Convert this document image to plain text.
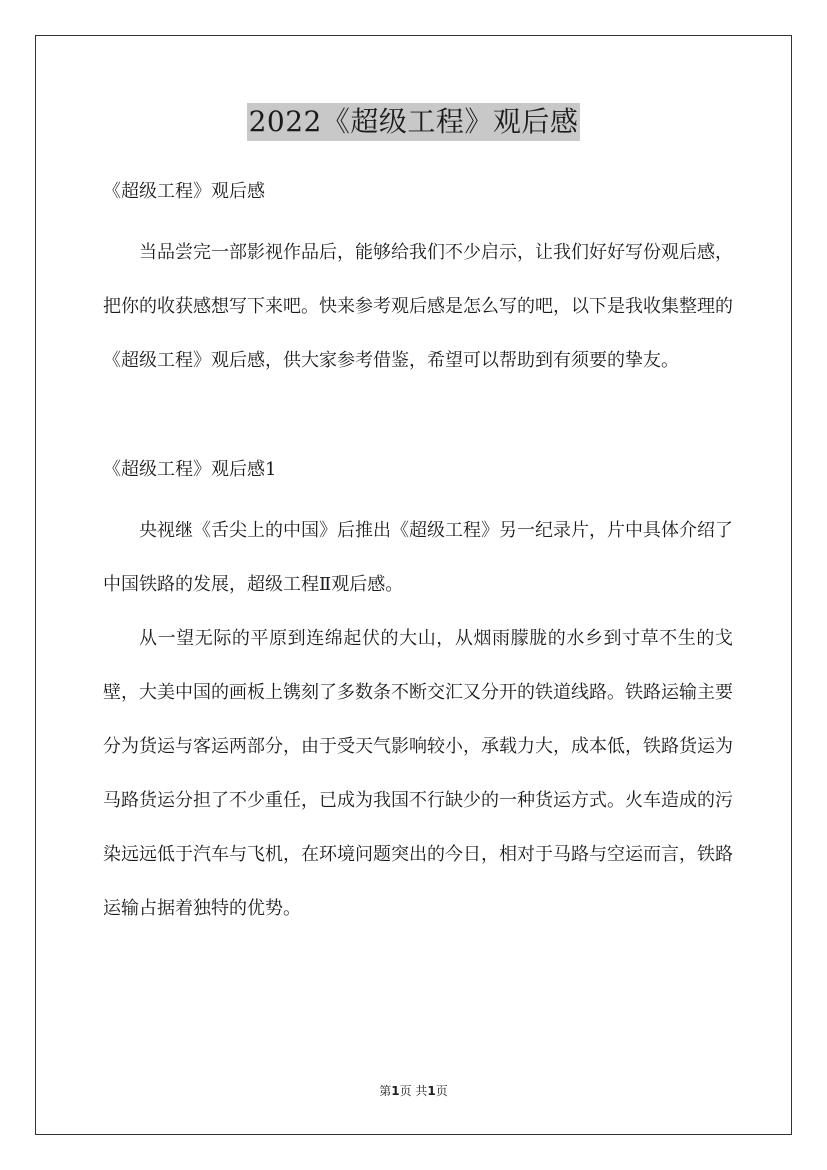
2022《超级工程》观后感

《超级工程》观后感

当品尝完一部影视作品后，能够给我们不少启示，让我们好好写份观后感，把你的收获感想写下来吧。快来参考观后感是怎么写的吧，以下是我收集整理的《超级工程》观后感，供大家参考借鉴，希望可以帮助到有须要的挚友。

《超级工程》观后感1

央视继《舌尖上的中国》后推出《超级工程》另一纪录片，片中具体介绍了中国铁路的发展，超级工程Ⅱ观后感。

从一望无际的平原到连绵起伏的大山，从烟雨朦胧的水乡到寸草不生的戈壁，大美中国的画板上镌刻了多数条不断交汇又分开的铁道线路。铁路运输主要分为货运与客运两部分，由于受天气影响较小，承载力大，成本低，铁路货运为马路货运分担了不少重任，已成为我国不行缺少的一种货运方式。火车造成的污染远远低于汽车与飞机，在环境问题突出的今日，相对于马路与空运而言，铁路运输占据着独特的优势。

第1页 共1页
